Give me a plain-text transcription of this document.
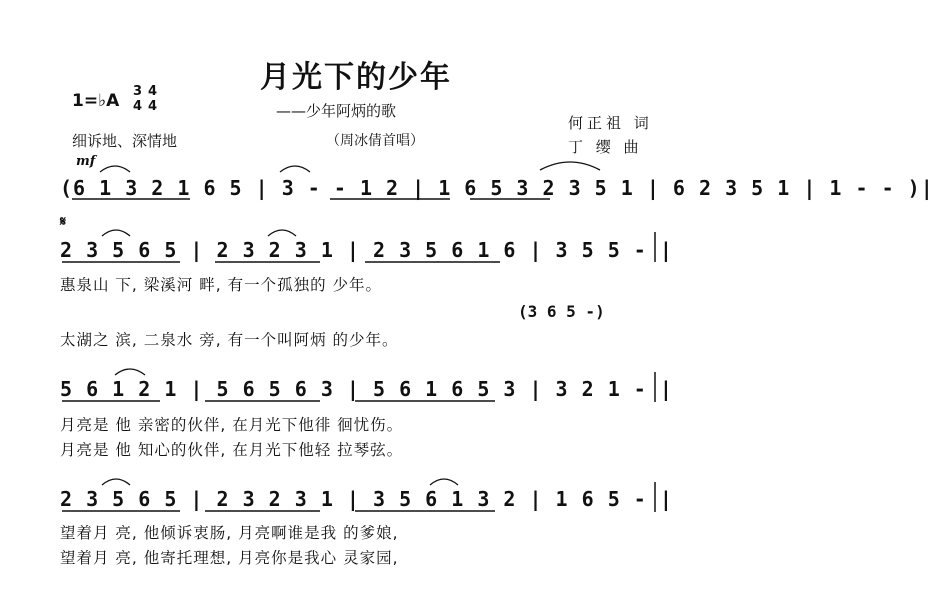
月光下的少年
——少年阿炳的歌
1=♭A	3 4
4 4
细诉地、深情地	（周冰倩首唱）
何正祖 词
丁 缨 曲
mf
(6 1 3 2 1 6 5 | 3 - - 1 2 | 1 6 5 3 2 3 5 1 | 6 2 3 5 1 | 1 - - )|
𝄋
2 3 5 6 5 | 2 3 2 3 1 | 2 3 5 6 1 6 | 3 5 5 - |
惠泉山 下, 梁溪河 畔, 有一个孤独的 少年。
(3 6 5 -)
太湖之 滨, 二泉水 旁, 有一个叫阿炳 的少年。
5 6 1 2 1 | 5 6 5 6 3 | 5 6 1 6 5 3 | 3 2 1 - |
月亮是 他 亲密的伙伴, 在月光下他徘 徊忧伤。
月亮是 他 知心的伙伴, 在月光下他轻 拉琴弦。
2 3 5 6 5 | 2 3 2 3 1 | 3 5 6 1 3 2 | 1 6 5 - |
望着月 亮, 他倾诉衷肠, 月亮啊谁是我 的爹娘,
望着月 亮, 他寄托理想, 月亮你是我心 灵家园,
